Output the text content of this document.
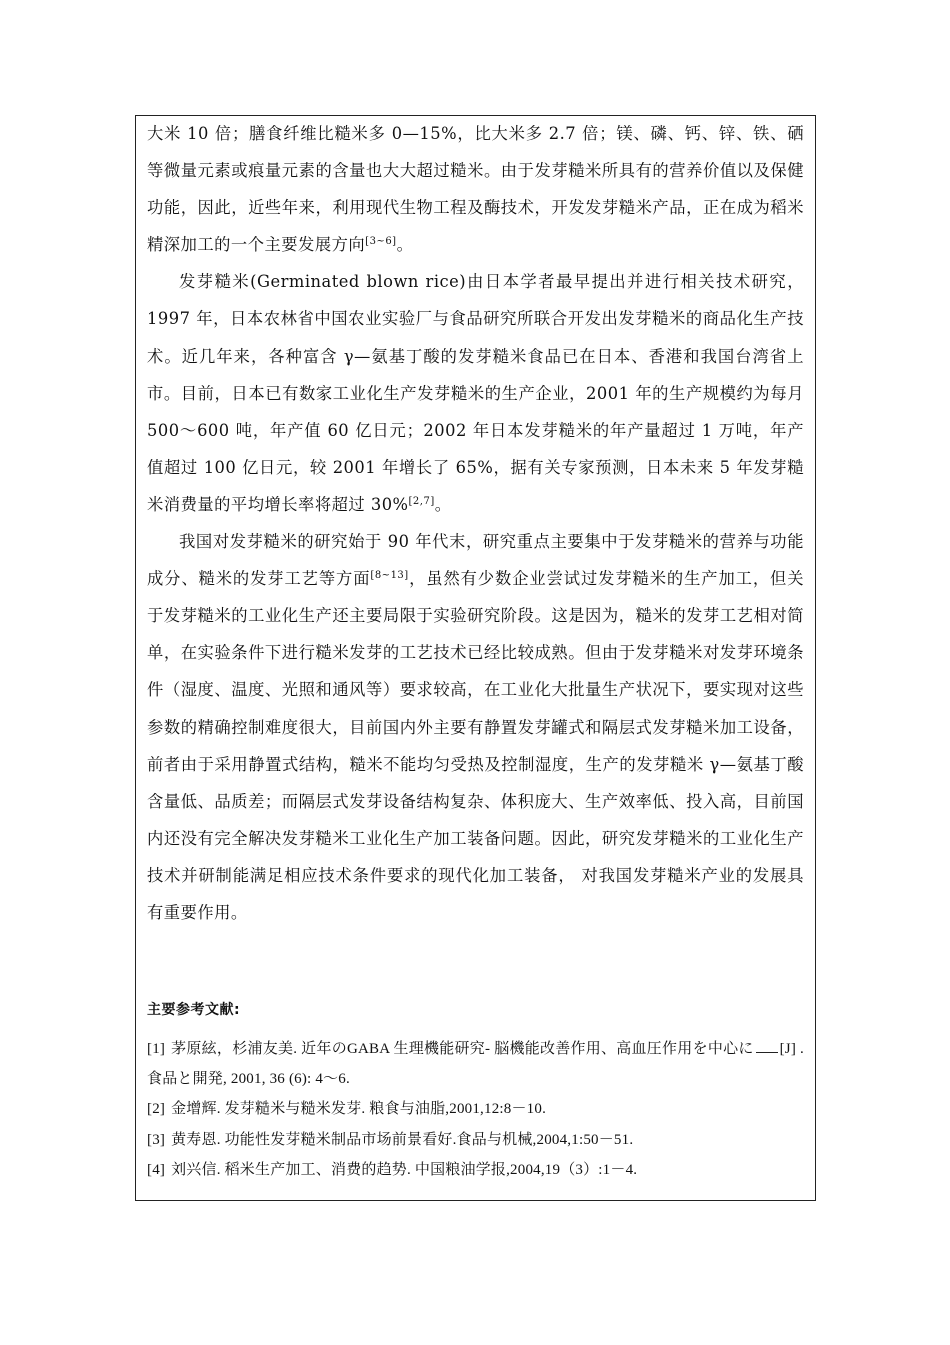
大米 10 倍；膳食纤维比糙米多 0—15%，比大米多 2.7 倍；镁、磷、钙、锌、铁、硒等微量元素或痕量元素的含量也大大超过糙米。由于发芽糙米所具有的营养价值以及保健功能，因此，近些年来，利用现代生物工程及酶技术，开发发芽糙米产品，正在成为稻米精深加工的一个主要发展方向[3~6]。

发芽糙米(Germinated blown rice)由日本学者最早提出并进行相关技术研究，1997 年，日本农林省中国农业实验厂与食品研究所联合开发出发芽糙米的商品化生产技术。近几年来，各种富含 γ—氨基丁酸的发芽糙米食品已在日本、香港和我国台湾省上市。目前，日本已有数家工业化生产发芽糙米的生产企业，2001 年的生产规模约为每月 500～600 吨，年产值 60 亿日元；2002 年日本发芽糙米的年产量超过 1 万吨，年产值超过 100 亿日元，较 2001 年增长了 65%，据有关专家预测，日本未来 5 年发芽糙米消费量的平均增长率将超过 30%[2,7]。

我国对发芽糙米的研究始于 90 年代末，研究重点主要集中于发芽糙米的营养与功能成分、糙米的发芽工艺等方面[8~13]，虽然有少数企业尝试过发芽糙米的生产加工，但关于发芽糙米的工业化生产还主要局限于实验研究阶段。这是因为，糙米的发芽工艺相对简单，在实验条件下进行糙米发芽的工艺技术已经比较成熟。但由于发芽糙米对发芽环境条件（湿度、温度、光照和通风等）要求较高，在工业化大批量生产状况下，要实现对这些参数的精确控制难度很大，目前国内外主要有静置发芽罐式和隔层式发芽糙米加工设备，前者由于采用静置式结构，糙米不能均匀受热及控制湿度，生产的发芽糙米 γ—氨基丁酸含量低、品质差；而隔层式发芽设备结构复杂、体积庞大、生产效率低、投入高，目前国内还没有完全解决发芽糙米工业化生产加工装备问题。因此，研究发芽糙米的工业化生产技术并研制能满足相应技术条件要求的现代化加工装备， 对我国发芽糙米产业的发展具有重要作用。

主要参考文献:
[1] 茅原絃，杉浦友美. 近年のGABA 生理機能研究- 脳機能改善作用、高血圧作用を中心に [J] . 食品と開発, 2001, 36 (6): 4～6.
[2] 金增辉. 发芽糙米与糙米发芽. 粮食与油脂,2001,12:8－10.
[3] 黄寿恩. 功能性发芽糙米制品市场前景看好.食品与机械,2004,1:50－51.
[4] 刘兴信. 稻米生产加工、消费的趋势. 中国粮油学报,2004,19（3）:1－4.
